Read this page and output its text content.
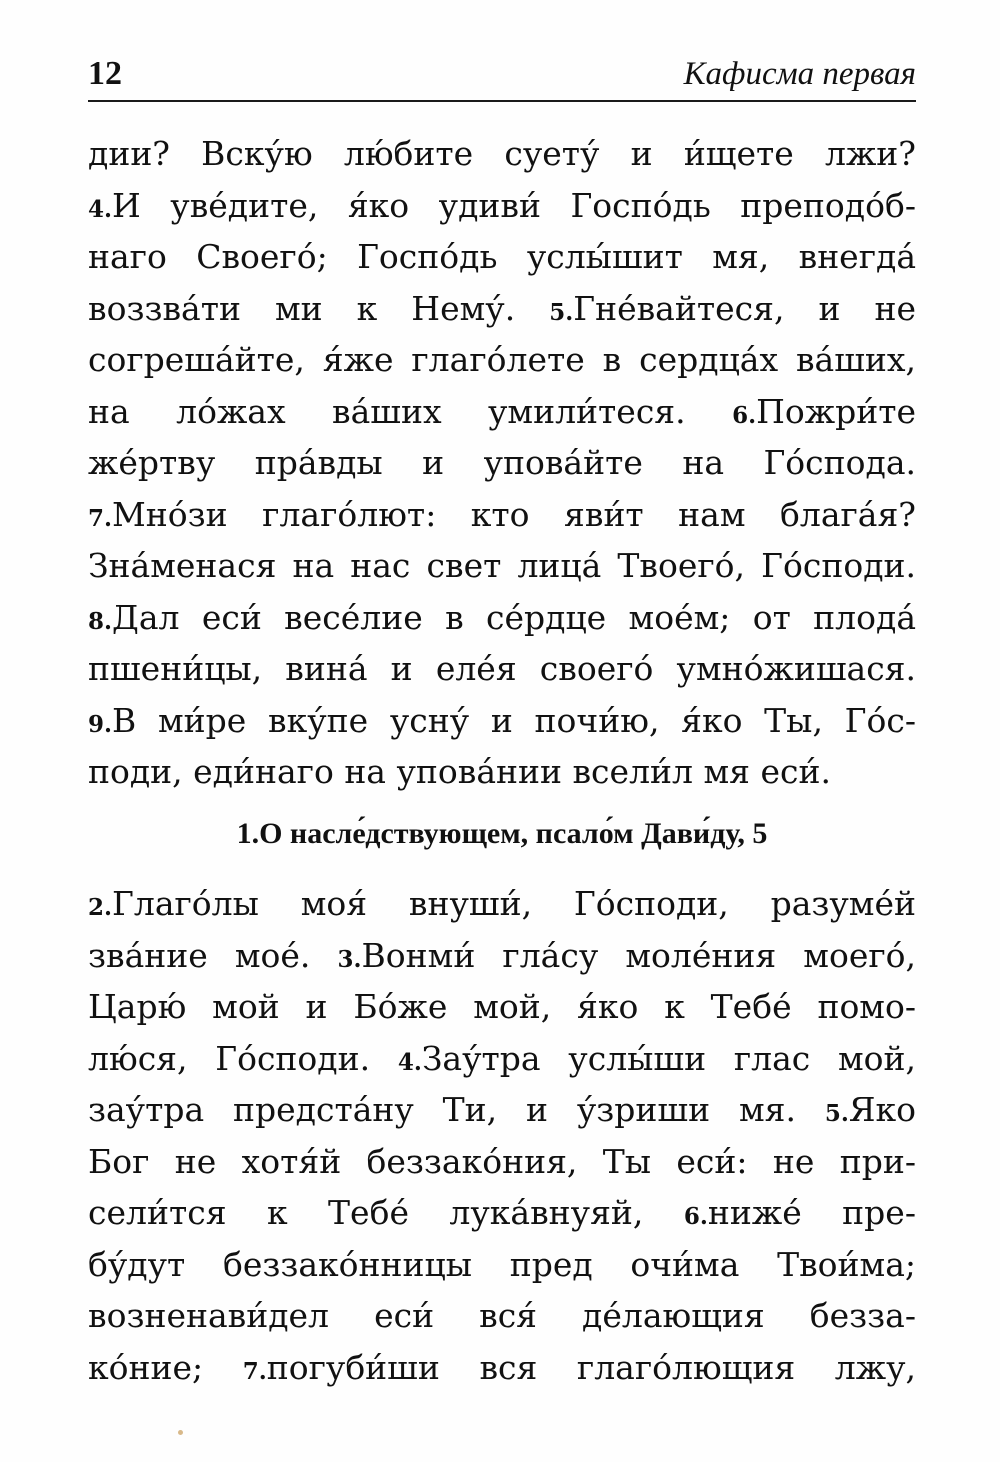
12	Кафисма первая
дии? Вску́ю лю́бите суету́ и и́щете лжи?
4.И уве́дите, я́ко удиви́ Госпо́дь преподо́б-
наго Своего́; Госпо́дь услы́шит мя, внегда́
воззва́ти ми к Нему́. 5.Гне́вайтеся, и не
согреша́йте, я́же глаго́лете в сердца́х ва́ших,
на ло́жах ва́ших умили́теся. 6.Пожри́те
же́ртву пра́вды и упова́йте на Го́спода.
7.Мно́зи глаго́лют: кто яви́т нам блага́я?
Зна́менася на нас свет лица́ Твоего́, Го́споди.
8.Дал еси́ весе́лие в се́рдце мое́м; от плода́
пшени́цы, вина́ и еле́я своего́ умно́жишася.
9.В ми́ре вку́пе усну́ и почи́ю, я́ко Ты, Го́с-
поди, еди́наго на упова́нии всели́л мя еси́.
1.О насле́дствующем, псало́м Дави́ду, 5
2.Глаго́лы моя́ внуши́, Го́споди, разуме́й
зва́ние мое́. 3.Вонми́ гла́су моле́ния моего́,
Царю́ мой и Бо́же мой, я́ко к Тебе́ помо-
лю́ся, Го́споди. 4.Зау́тра услы́ши глас мой,
зау́тра предста́ну Ти, и у́зриши мя. 5.Яко
Бог не хотя́й беззако́ния, Ты еси́: не при-
сели́тся к Тебе́ лука́внуяй, 6.ниже́ пре-
бу́дут беззако́нницы пред очи́ма Твои́ма;
возненави́дел еси́ вся́ де́лающия безза-
ко́ние; 7.погуби́ши вся глаго́лющия лжу,
